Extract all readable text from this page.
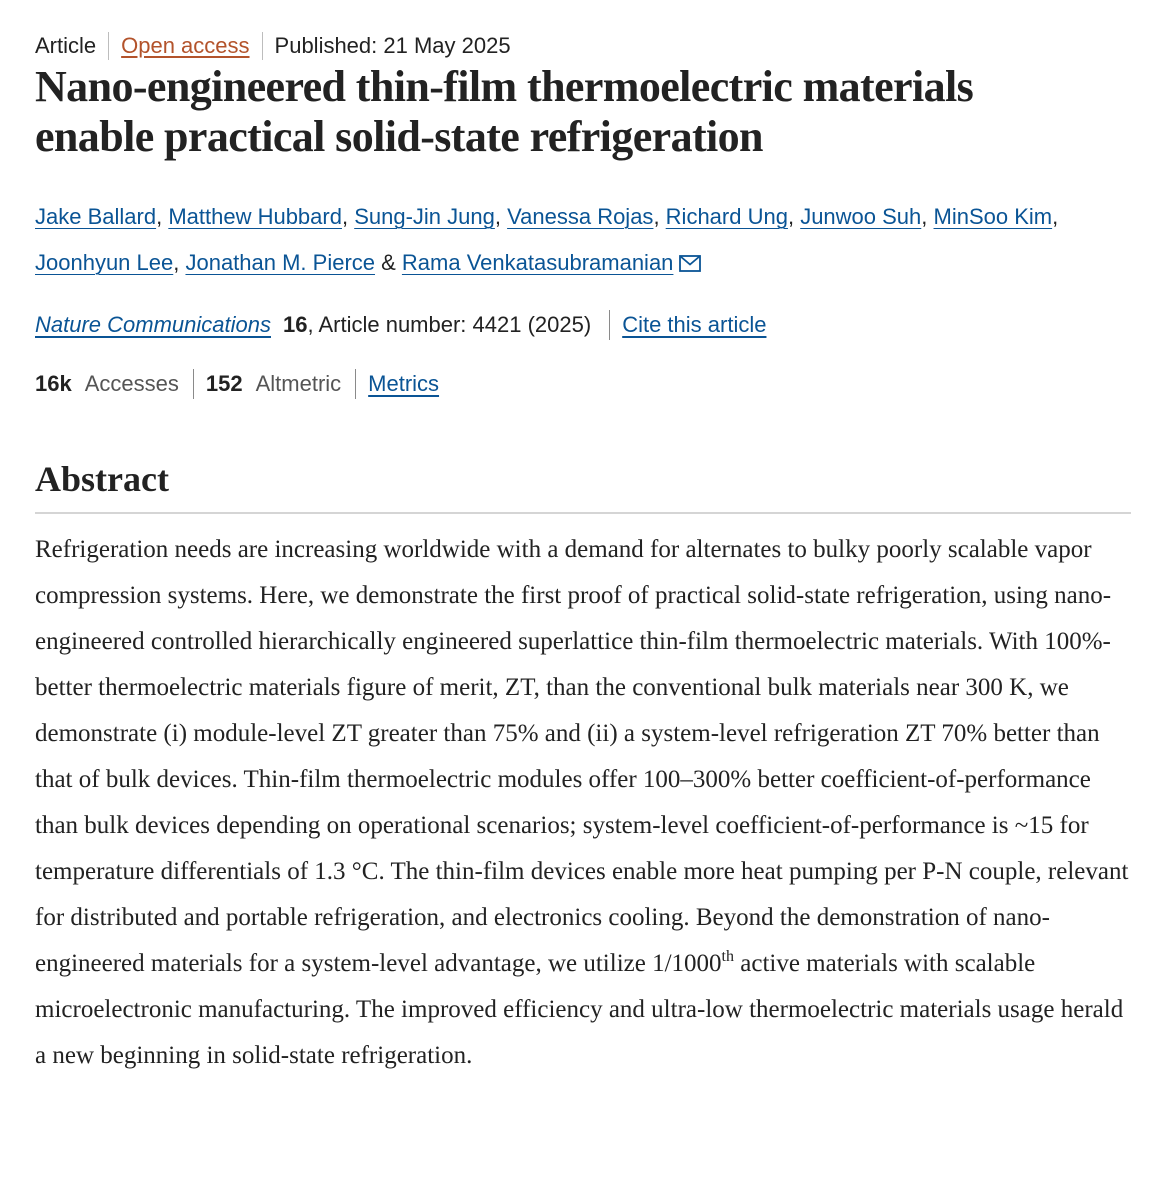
Article Open access Published: 21 May 2025
Nano-engineered thin-film thermoelectric materials
enable practical solid-state refrigeration
Jake Ballard, Matthew Hubbard, Sung-Jin Jung, Vanessa Rojas, Richard Ung, Junwoo Suh, MinSoo Kim,
Joonhyun Lee, Jonathan M. Pierce & Rama Venkatasubramanian
Nature Communications 16 , Article number: 4421 (2025) Cite this article
16k Accesses 152 Altmetric Metrics
Abstract

Refrigeration needs are increasing worldwide with a demand for alternates to bulky poorly scalable vapor compression systems. Here, we demonstrate the first proof of practical solid-state refrigeration, using nano-engineered controlled hierarchically engineered superlattice thin-film thermoelectric materials. With 100%-better thermoelectric materials figure of merit, ZT, than the conventional bulk materials near 300 K, we demonstrate (i) module-level ZT greater than 75% and (ii) a system-level refrigeration ZT 70% better than that of bulk devices. Thin-film thermoelectric modules offer 100–300% better coefficient-of-performance than bulk devices depending on operational scenarios; system-level coefficient-of-performance is ~15 for temperature differentials of 1.3 °C. The thin-film devices enable more heat pumping per P-N couple, relevant for distributed and portable refrigeration, and electronics cooling. Beyond the demonstration of nano-engineered materials for a system-level advantage, we utilize 1/1000th active materials with scalable microelectronic manufacturing. The improved efficiency and ultra-low thermoelectric materials usage herald a new beginning in solid-state refrigeration.
